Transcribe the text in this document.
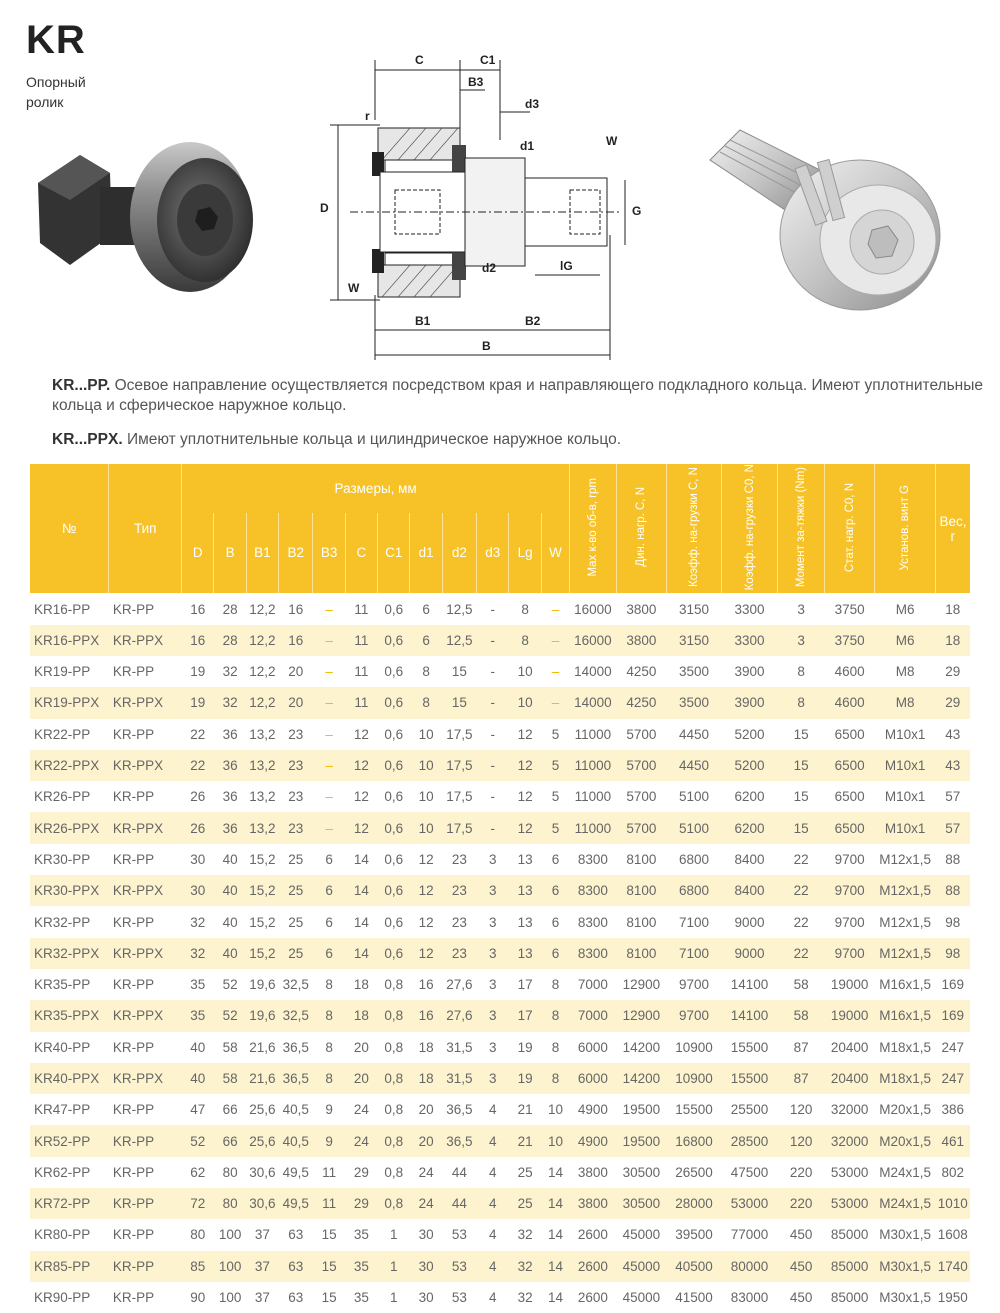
KR
Опорный ролик
C	C1
B3
d3
d1
d2
D
r
W
W
G
lG
B1	B2
B
KR...PP. Осевое направление осуществляется посредством края и направляющего подкладного кольца. Имеют уплотнительные кольца и сферическое наружное кольцо.
KR...PPX. Имеют уплотнительные кольца и цилиндрическое наружное кольцо.
№	Тип	Размеры, мм												Max к-во об-в, rpm	Дин. нагр. C, N	Коэфф. на-грузки C, N	Коэфф. на-грузки C0, N	Момент за-тяжки (Nm)	Стат. нагр. C0, N	Установ. винт G	Вес, г
		D	B	B1	B2	B3	C	C1	d1	d2	d3	Lg	W								
KR16-PP	KR-PP	16	28	12,2	16	–	11	0,6	6	12,5	-	8	–	16000	3800	3150	3300	3	3750	M6	18
KR16-PPX	KR-PPX	16	28	12,2	16	–	11	0,6	6	12,5	-	8	–	16000	3800	3150	3300	3	3750	M6	18
KR19-PP	KR-PP	19	32	12,2	20	–	11	0,6	8	15	-	10	–	14000	4250	3500	3900	8	4600	M8	29
KR19-PPX	KR-PPX	19	32	12,2	20	–	11	0,6	8	15	-	10	–	14000	4250	3500	3900	8	4600	M8	29
KR22-PP	KR-PP	22	36	13,2	23	–	12	0,6	10	17,5	-	12	5	11000	5700	4450	5200	15	6500	M10x1	43
KR22-PPX	KR-PPX	22	36	13,2	23	–	12	0,6	10	17,5	-	12	5	11000	5700	4450	5200	15	6500	M10x1	43
KR26-PP	KR-PP	26	36	13,2	23	–	12	0,6	10	17,5	-	12	5	11000	5700	5100	6200	15	6500	M10x1	57
KR26-PPX	KR-PPX	26	36	13,2	23	–	12	0,6	10	17,5	-	12	5	11000	5700	5100	6200	15	6500	M10x1	57
KR30-PP	KR-PP	30	40	15,2	25	6	14	0,6	12	23	3	13	6	8300	8100	6800	8400	22	9700	M12x1,5	88
KR30-PPX	KR-PPX	30	40	15,2	25	6	14	0,6	12	23	3	13	6	8300	8100	6800	8400	22	9700	M12x1,5	88
KR32-PP	KR-PP	32	40	15,2	25	6	14	0,6	12	23	3	13	6	8300	8100	7100	9000	22	9700	M12x1,5	98
KR32-PPX	KR-PPX	32	40	15,2	25	6	14	0,6	12	23	3	13	6	8300	8100	7100	9000	22	9700	M12x1,5	98
KR35-PP	KR-PP	35	52	19,6	32,5	8	18	0,8	16	27,6	3	17	8	7000	12900	9700	14100	58	19000	M16x1,5	169
KR35-PPX	KR-PPX	35	52	19,6	32,5	8	18	0,8	16	27,6	3	17	8	7000	12900	9700	14100	58	19000	M16x1,5	169
KR40-PP	KR-PP	40	58	21,6	36,5	8	20	0,8	18	31,5	3	19	8	6000	14200	10900	15500	87	20400	M18x1,5	247
KR40-PPX	KR-PPX	40	58	21,6	36,5	8	20	0,8	18	31,5	3	19	8	6000	14200	10900	15500	87	20400	M18x1,5	247
KR47-PP	KR-PP	47	66	25,6	40,5	9	24	0,8	20	36,5	4	21	10	4900	19500	15500	25500	120	32000	M20x1,5	386
KR52-PP	KR-PP	52	66	25,6	40,5	9	24	0,8	20	36,5	4	21	10	4900	19500	16800	28500	120	32000	M20x1,5	461
KR62-PP	KR-PP	62	80	30,6	49,5	11	29	0,8	24	44	4	25	14	3800	30500	26500	47500	220	53000	M24x1,5	802
KR72-PP	KR-PP	72	80	30,6	49,5	11	29	0,8	24	44	4	25	14	3800	30500	28000	53000	220	53000	M24x1,5	1010
KR80-PP	KR-PP	80	100	37	63	15	35	1	30	53	4	32	14	2600	45000	39500	77000	450	85000	M30x1,5	1608
KR85-PP	KR-PP	85	100	37	63	15	35	1	30	53	4	32	14	2600	45000	40500	80000	450	85000	M30x1,5	1740
KR90-PP	KR-PP	90	100	37	63	15	35	1	30	53	4	32	14	2600	45000	41500	83000	450	85000	M30x1,5	1950
